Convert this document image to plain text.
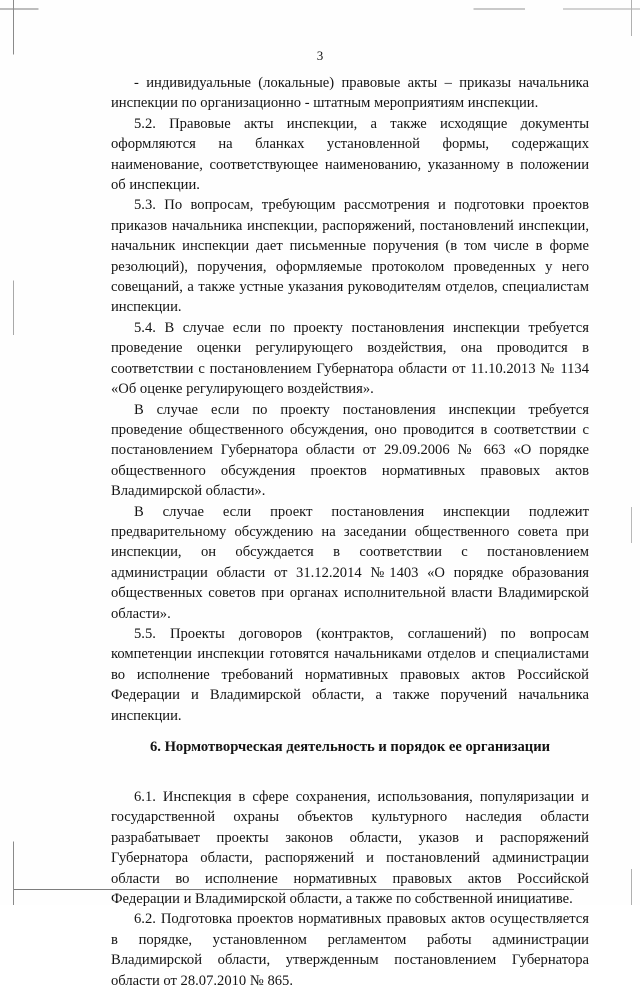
3

- индивидуальные (локальные) правовые акты – приказы начальника инспекции по организационно - штатным мероприятиям инспекции.

5.2. Правовые акты инспекции, а также исходящие документы оформляются на бланках установленной формы, содержащих наименование, соответствующее наименованию, указанному в положении об инспекции.

5.3. По вопросам, требующим рассмотрения и подготовки проектов приказов начальника инспекции, распоряжений, постановлений инспекции, начальник инспекции дает письменные поручения (в том числе в форме резолюций), поручения, оформляемые протоколом проведенных у него совещаний, а также устные указания руководителям отделов, специалистам инспекции.

5.4. В случае если по проекту постановления инспекции требуется проведение оценки регулирующего воздействия, она проводится в соответствии с постановлением Губернатора области от 11.10.2013 № 1134 «Об оценке регулирующего воздействия».

В случае если по проекту постановления инспекции требуется проведение общественного обсуждения, оно проводится в соответствии с постановлением Губернатора области от 29.09.2006 № 663 «О порядке общественного обсуждения проектов нормативных правовых актов Владимирской области».

В случае если проект постановления инспекции подлежит предварительному обсуждению на заседании общественного совета при инспекции, он обсуждается в соответствии с постановлением администрации области от 31.12.2014 №1403 «О порядке образования общественных советов при органах исполнительной власти Владимирской области».

5.5. Проекты договоров (контрактов, соглашений) по вопросам компетенции инспекции готовятся начальниками отделов и специалистами во исполнение требований нормативных правовых актов Российской Федерации и Владимирской области, а также поручений начальника инспекции.

6. Нормотворческая деятельность и порядок ее организации

6.1. Инспекция в сфере сохранения, использования, популяризации и государственной охраны объектов культурного наследия области разрабатывает проекты законов области, указов и распоряжений Губернатора области, распоряжений и постановлений администрации области во исполнение нормативных правовых актов Российской Федерации и Владимирской области, а также по собственной инициативе.

6.2. Подготовка проектов нормативных правовых актов осуществляется в порядке, установленном регламентом работы администрации Владимирской области, утвержденным постановлением Губернатора области от 28.07.2010 № 865.
